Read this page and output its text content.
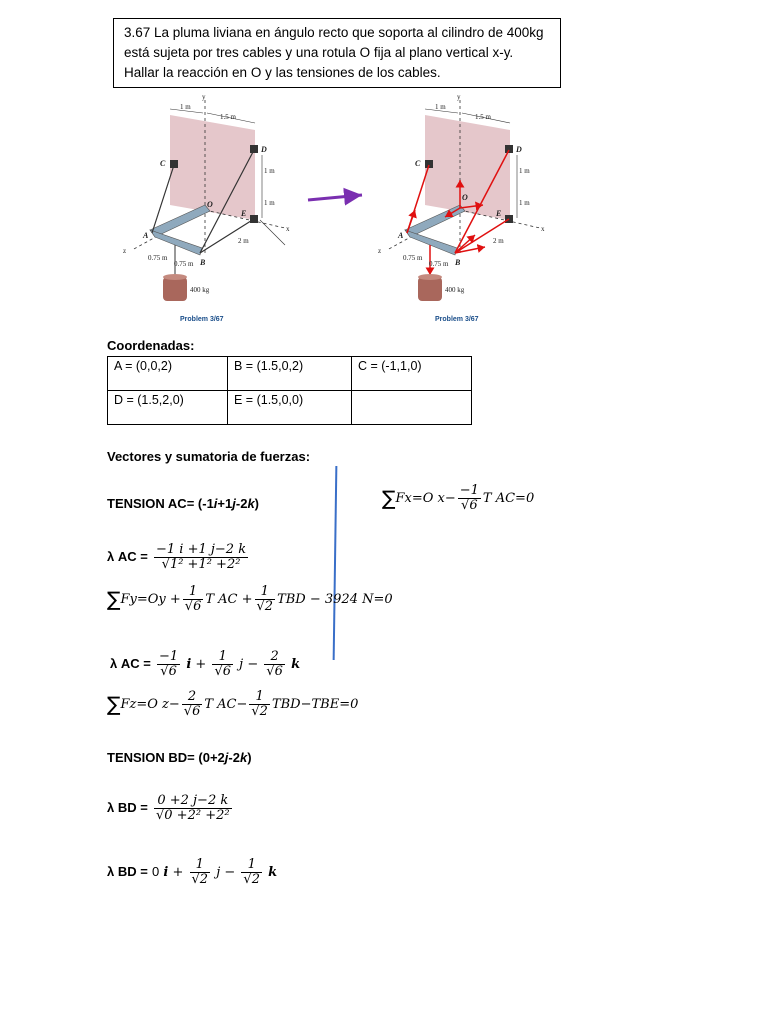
3.67 La pluma liviana en ángulo recto que soporta al cilindro de 400kg está sujeta por tres cables y una rotula O fija al plano vertical x-y. Hallar la reacción en O y las tensiones de los cables.
1 m
1.5 m
1 m
1 m
2 m
0.75 m
0.75 m
400 kg
y
x
z
C
D
E
A
B
O
Problem 3/67
1 m
1.5 m
1 m
1 m
2 m
0.75 m
0.75 m
400 kg
y
x
z
C
D
E
A
B
O
Problem 3/67
Coordenadas:
A = (0,0,2)	B = (1.5,0,2)	C = (-1,1,0)
D = (1.5,2,0)	E = (1.5,0,0)	
Vectores y sumatoria de fuerzas:
TENSION AC= (-1i+1j-2k)	∑Fx=O $x- \frac{-1}{√6}$ T AC=0
λ AC = $\frac{-1 i +1 j-2 k}{\text{√1² +1² +2²}}$
$\sum Fy=Oy + \frac{1}{√6}$ T AC + $\frac{1}{√2}$ TBD − 3924 N=0
λ AC = $\frac{-1}{√6}$ $i + \frac{1}{√6}$ $j - \frac{2}{√6}$ k
∑Fz=O $z- \frac{2}{√6}$ T $AC- \frac{1}{√2} TBD-TBE=0$
TENSION BD= (0+2j-2k)
λ BD = $\frac{0 +2 j-2 k}{\text{√0 +2² +2²}}$
λ BD = 0 $i + \frac{1}{√2}$ $j - \frac{1}{√2}$ k
